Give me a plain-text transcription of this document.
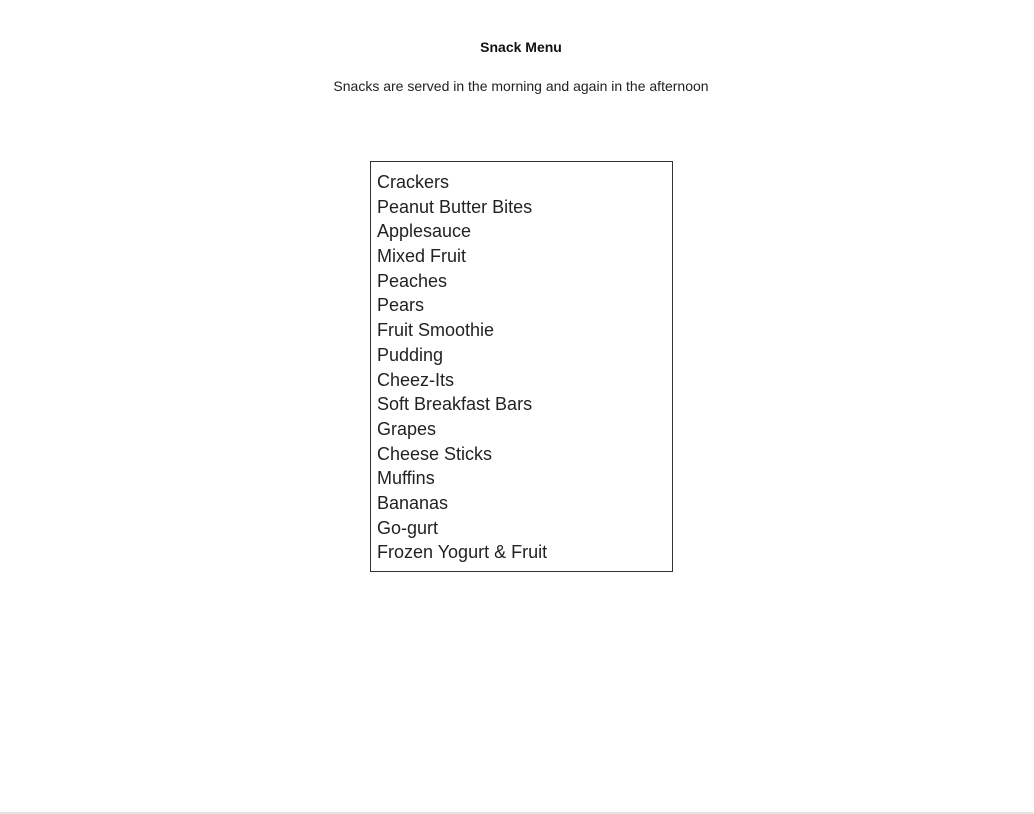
Snack Menu
Snacks are served in the morning and again in the afternoon
Crackers
Peanut Butter Bites
Applesauce
Mixed Fruit
Peaches
Pears
Fruit Smoothie
Pudding
Cheez-Its
Soft Breakfast Bars
Grapes
Cheese Sticks
Muffins
Bananas
Go-gurt
Frozen Yogurt & Fruit
